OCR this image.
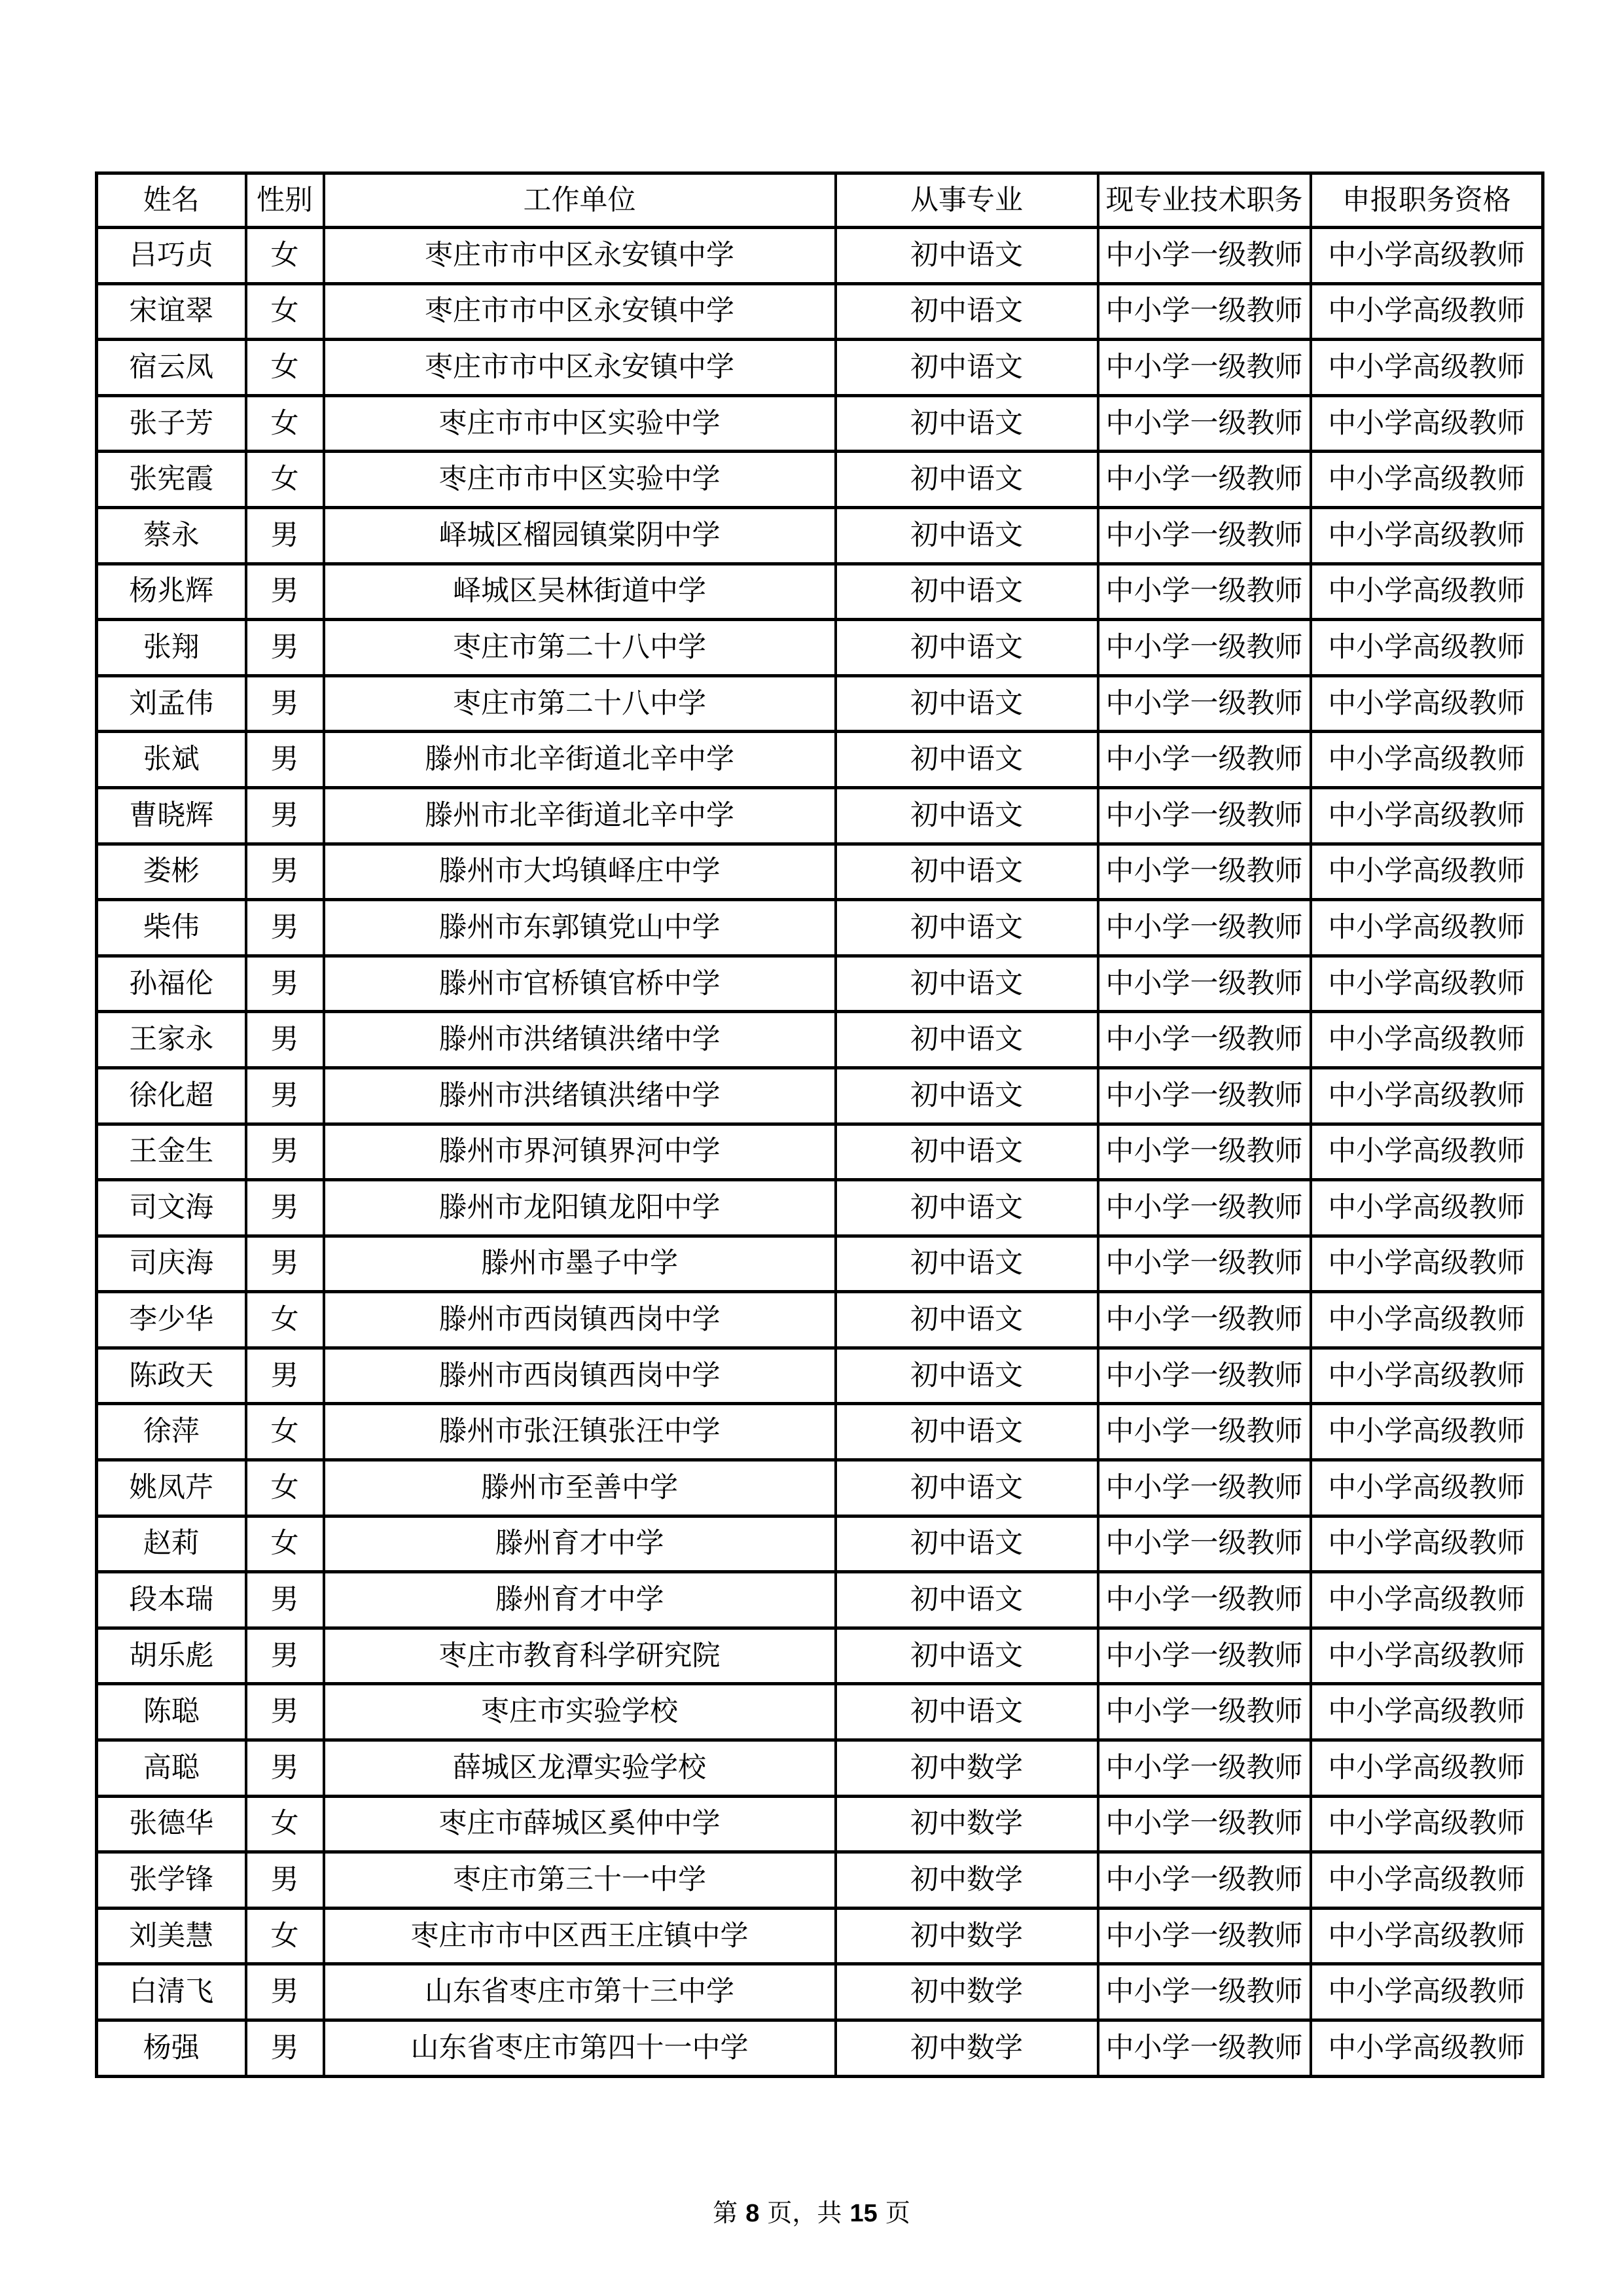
姓名	性别	工作单位	从事专业	现专业技术职务	申报职务资格
吕巧贞	女	枣庄市市中区永安镇中学	初中语文	中小学一级教师	中小学高级教师
宋谊翠	女	枣庄市市中区永安镇中学	初中语文	中小学一级教师	中小学高级教师
宿云凤	女	枣庄市市中区永安镇中学	初中语文	中小学一级教师	中小学高级教师
张子芳	女	枣庄市市中区实验中学	初中语文	中小学一级教师	中小学高级教师
张宪霞	女	枣庄市市中区实验中学	初中语文	中小学一级教师	中小学高级教师
蔡永	男	峄城区榴园镇棠阴中学	初中语文	中小学一级教师	中小学高级教师
杨兆辉	男	峄城区吴林街道中学	初中语文	中小学一级教师	中小学高级教师
张翔	男	枣庄市第二十八中学	初中语文	中小学一级教师	中小学高级教师
刘孟伟	男	枣庄市第二十八中学	初中语文	中小学一级教师	中小学高级教师
张斌	男	滕州市北辛街道北辛中学	初中语文	中小学一级教师	中小学高级教师
曹晓辉	男	滕州市北辛街道北辛中学	初中语文	中小学一级教师	中小学高级教师
娄彬	男	滕州市大坞镇峄庄中学	初中语文	中小学一级教师	中小学高级教师
柴伟	男	滕州市东郭镇党山中学	初中语文	中小学一级教师	中小学高级教师
孙福伦	男	滕州市官桥镇官桥中学	初中语文	中小学一级教师	中小学高级教师
王家永	男	滕州市洪绪镇洪绪中学	初中语文	中小学一级教师	中小学高级教师
徐化超	男	滕州市洪绪镇洪绪中学	初中语文	中小学一级教师	中小学高级教师
王金生	男	滕州市界河镇界河中学	初中语文	中小学一级教师	中小学高级教师
司文海	男	滕州市龙阳镇龙阳中学	初中语文	中小学一级教师	中小学高级教师
司庆海	男	滕州市墨子中学	初中语文	中小学一级教师	中小学高级教师
李少华	女	滕州市西岗镇西岗中学	初中语文	中小学一级教师	中小学高级教师
陈政天	男	滕州市西岗镇西岗中学	初中语文	中小学一级教师	中小学高级教师
徐萍	女	滕州市张汪镇张汪中学	初中语文	中小学一级教师	中小学高级教师
姚凤芹	女	滕州市至善中学	初中语文	中小学一级教师	中小学高级教师
赵莉	女	滕州育才中学	初中语文	中小学一级教师	中小学高级教师
段本瑞	男	滕州育才中学	初中语文	中小学一级教师	中小学高级教师
胡乐彪	男	枣庄市教育科学研究院	初中语文	中小学一级教师	中小学高级教师
陈聪	男	枣庄市实验学校	初中语文	中小学一级教师	中小学高级教师
高聪	男	薛城区龙潭实验学校	初中数学	中小学一级教师	中小学高级教师
张德华	女	枣庄市薛城区奚仲中学	初中数学	中小学一级教师	中小学高级教师
张学锋	男	枣庄市第三十一中学	初中数学	中小学一级教师	中小学高级教师
刘美慧	女	枣庄市市中区西王庄镇中学	初中数学	中小学一级教师	中小学高级教师
白清飞	男	山东省枣庄市第十三中学	初中数学	中小学一级教师	中小学高级教师
杨强	男	山东省枣庄市第四十一中学	初中数学	中小学一级教师	中小学高级教师
第 8 页，共 15 页
